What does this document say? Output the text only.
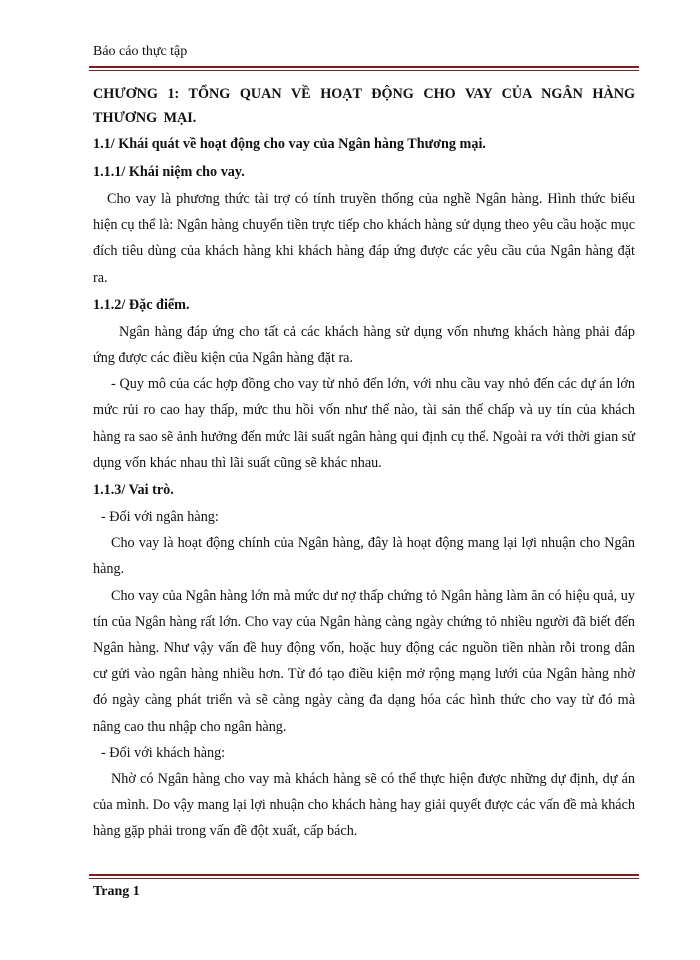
Báo cáo thực tập

CHƯƠNG 1: TỔNG QUAN VỀ HOẠT ĐỘNG CHO VAY CỦA NGÂN HÀNG THƯƠNG MẠI.

1.1/ Khái quát về hoạt động cho vay của Ngân hàng Thương mại.

1.1.1/ Khái niệm cho vay.

Cho vay là phương thức tài trợ có tính truyền thống của nghề Ngân hàng. Hình thức biểu hiện cụ thể là: Ngân hàng chuyển tiền trực tiếp cho khách hàng sử dụng theo yêu cầu hoặc mục đích tiêu dùng của khách hàng khi khách hàng đáp ứng được các yêu cầu của Ngân hàng đặt ra.

1.1.2/ Đặc điểm.

Ngân hàng đáp ứng cho tất cả các khách hàng sử dụng vốn nhưng khách hàng phải đáp ứng được các điều kiện của Ngân hàng đặt ra.

- Quy mô của các hợp đồng cho vay từ nhỏ đến lớn, với nhu cầu vay nhỏ đến các dự án lớn mức rủi ro cao hay thấp, mức thu hồi vốn như thế nào, tài sản thế chấp và uy tín của khách hàng ra sao sẽ ảnh hưởng đến mức lãi suất ngân hàng qui định cụ thể. Ngoài ra với thời gian sử dụng vốn khác nhau thì lãi suất cũng sẽ khác nhau.

1.1.3/ Vai trò.

- Đối với ngân hàng:

Cho vay là hoạt động chính của Ngân hàng, đây là hoạt động mang lại lợi nhuận cho Ngân hàng.

Cho vay của Ngân hàng lớn mà mức dư nợ thấp chứng tỏ Ngân hàng làm ăn có hiệu quả, uy tín của Ngân hàng rất lớn. Cho vay của Ngân hàng càng ngày chứng tỏ nhiều người đã biết đến Ngân hàng. Như vậy vấn đề huy động vốn, hoặc huy động các nguồn tiền nhàn rỗi trong dân cư gửi vào ngân hàng nhiều hơn. Từ đó tạo điều kiện mở rộng mạng lưới của Ngân hàng nhờ đó ngày càng phát triển và sẽ càng ngày càng đa dạng hóa các hình thức cho vay từ đó mà nâng cao thu nhập cho ngân hàng.

- Đối với khách hàng:

Nhờ có Ngân hàng cho vay mà khách hàng sẽ có thể thực hiện được những dự định, dự án của mình. Do vậy mang lại lợi nhuận cho khách hàng hay giải quyết được các vấn đề mà khách hàng gặp phải trong vấn đề đột xuất, cấp bách.

Trang 1
